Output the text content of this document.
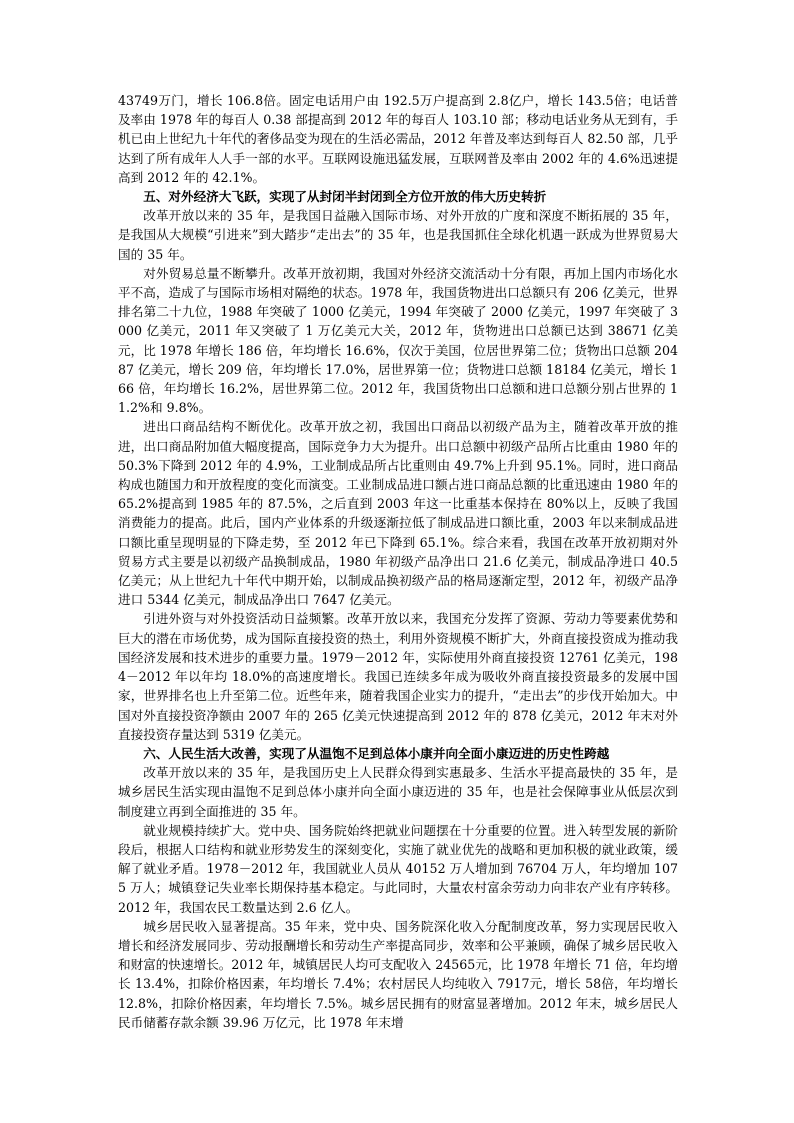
43749万门，增长 106.8倍。固定电话用户由 192.5万户提高到 2.8亿户，增长 143.5倍；电话普及率由 1978 年的每百人 0.38 部提高到 2012 年的每百人 103.10 部；移动电话业务从无到有，手机已由上世纪九十年代的奢侈品变为现在的生活必需品，2012 年普及率达到每百人 82.50 部，几乎达到了所有成年人人手一部的水平。互联网设施迅猛发展，互联网普及率由 2002 年的 4.6%迅速提高到 2012 年的 42.1%。

五、对外经济大飞跃，实现了从封闭半封闭到全方位开放的伟大历史转折

改革开放以来的 35 年，是我国日益融入国际市场、对外开放的广度和深度不断拓展的 35 年，是我国从大规模“引进来”到大踏步“走出去”的 35 年，也是我国抓住全球化机遇一跃成为世界贸易大国的 35 年。

对外贸易总量不断攀升。改革开放初期，我国对外经济交流活动十分有限，再加上国内市场化水平不高，造成了与国际市场相对隔绝的状态。1978 年，我国货物进出口总额只有 206 亿美元，世界排名第二十九位，1988 年突破了 1000 亿美元，1994 年突破了 2000 亿美元，1997 年突破了 3000 亿美元，2011 年又突破了 1 万亿美元大关，2012 年，货物进出口总额已达到 38671 亿美元，比 1978 年增长 186 倍，年均增长 16.6%，仅次于美国，位居世界第二位；货物出口总额 20487 亿美元，增长 209 倍，年均增长 17.0%，居世界第一位；货物进口总额 18184 亿美元，增长 166 倍，年均增长 16.2%，居世界第二位。2012 年，我国货物出口总额和进口总额分别占世界的 11.2%和 9.8%。

进出口商品结构不断优化。改革开放之初，我国出口商品以初级产品为主，随着改革开放的推进，出口商品附加值大幅度提高，国际竞争力大为提升。出口总额中初级产品所占比重由 1980 年的 50.3%下降到 2012 年的 4.9%，工业制成品所占比重则由 49.7%上升到 95.1%。同时，进口商品构成也随国力和开放程度的变化而演变。工业制成品进口额占进口商品总额的比重迅速由 1980 年的 65.2%提高到 1985 年的 87.5%，之后直到 2003 年这一比重基本保持在 80%以上，反映了我国消费能力的提高。此后，国内产业体系的升级逐渐拉低了制成品进口额比重，2003 年以来制成品进口额比重呈现明显的下降走势，至 2012 年已下降到 65.1%。综合来看，我国在改革开放初期对外贸易方式主要是以初级产品换制成品，1980 年初级产品净出口 21.6 亿美元，制成品净进口 40.5 亿美元；从上世纪九十年代中期开始，以制成品换初级产品的格局逐渐定型，2012 年，初级产品净进口 5344 亿美元，制成品净出口 7647 亿美元。

引进外资与对外投资活动日益频繁。改革开放以来，我国充分发挥了资源、劳动力等要素优势和巨大的潜在市场优势，成为国际直接投资的热土，利用外资规模不断扩大，外商直接投资成为推动我国经济发展和技术进步的重要力量。1979－2012 年，实际使用外商直接投资 12761 亿美元，1984－2012 年以年均 18.0%的高速度增长。我国已连续多年成为吸收外商直接投资最多的发展中国家，世界排名也上升至第二位。近些年来，随着我国企业实力的提升，“走出去”的步伐开始加大。中国对外直接投资净额由 2007 年的 265 亿美元快速提高到 2012 年的 878 亿美元，2012 年末对外直接投资存量达到 5319 亿美元。

六、人民生活大改善，实现了从温饱不足到总体小康并向全面小康迈进的历史性跨越

改革开放以来的 35 年，是我国历史上人民群众得到实惠最多、生活水平提高最快的 35 年，是城乡居民生活实现由温饱不足到总体小康并向全面小康迈进的 35 年，也是社会保障事业从低层次到制度建立再到全面推进的 35 年。

就业规模持续扩大。党中央、国务院始终把就业问题摆在十分重要的位置。进入转型发展的新阶段后，根据人口结构和就业形势发生的深刻变化，实施了就业优先的战略和更加积极的就业政策，缓解了就业矛盾。1978－2012 年，我国就业人员从 40152 万人增加到 76704 万人，年均增加 1075 万人；城镇登记失业率长期保持基本稳定。与此同时，大量农村富余劳动力向非农产业有序转移。2012 年，我国农民工数量达到 2.6 亿人。

城乡居民收入显著提高。35 年来，党中央、国务院深化收入分配制度改革，努力实现居民收入增长和经济发展同步、劳动报酬增长和劳动生产率提高同步，效率和公平兼顾，确保了城乡居民收入和财富的快速增长。2012 年，城镇居民人均可支配收入 24565元，比 1978 年增长 71 倍，年均增长 13.4%，扣除价格因素，年均增长 7.4%；农村居民人均纯收入 7917元，增长 58倍，年均增长 12.8%，扣除价格因素，年均增长 7.5%。城乡居民拥有的财富显著增加。2012 年末，城乡居民人民币储蓄存款余额 39.96 万亿元，比 1978 年末增
